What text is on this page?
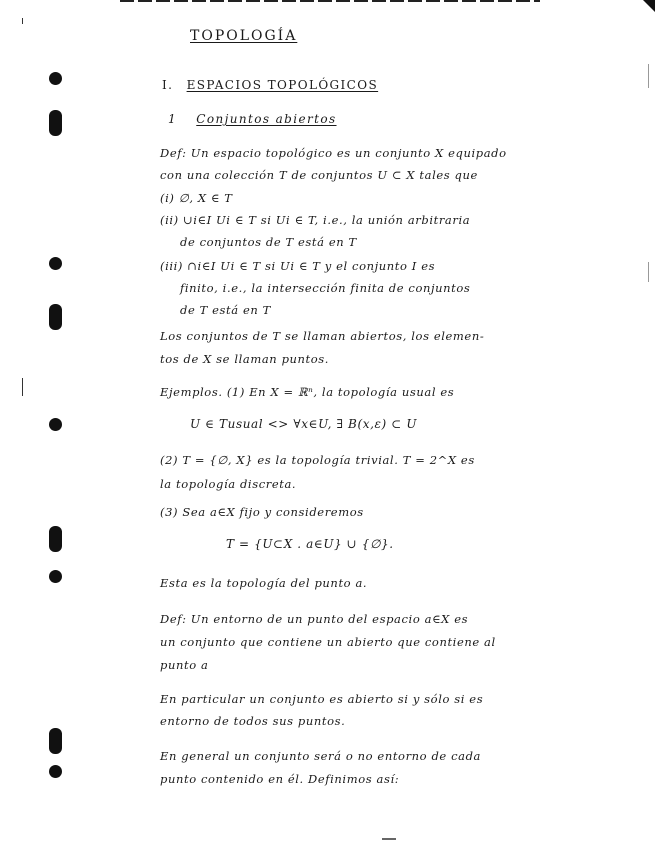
TOPOLOGÍA
I. ESPACIOS TOPOLÓGICOS
1 Conjuntos abiertos
Def: Un espacio topológico es un conjunto X equipado
con una colección T de conjuntos U ⊂ X tales que
(i) ∅, X ∈ T
(ii) ∪i∈I Ui ∈ T si Ui ∈ T, i.e., la unión arbitraria
de conjuntos de T está en T
(iii) ∩i∈I Ui ∈ T si Ui ∈ T y el conjunto I es
finito, i.e., la intersección finita de conjuntos
de T está en T
Los conjuntos de T se llaman abiertos, los elemen-
tos de X se llaman puntos.
Ejemplos. (1) En X = ℝⁿ, la topología usual es
U ∈ Tusual <> ∀x∈U, ∃ B(x,ε) ⊂ U
(2) T = {∅, X} es la topología trivial. T = 2^X es
la topología discreta.
(3) Sea a∈X fijo y consideremos
T = {U⊂X . a∈U} ∪ {∅}.
Esta es la topología del punto a.
Def: Un entorno de un punto del espacio a∈X es
un conjunto que contiene un abierto que contiene al
punto a
En particular un conjunto es abierto si y sólo si es
entorno de todos sus puntos.
En general un conjunto será o no entorno de cada
punto contenido en él. Definimos así:
